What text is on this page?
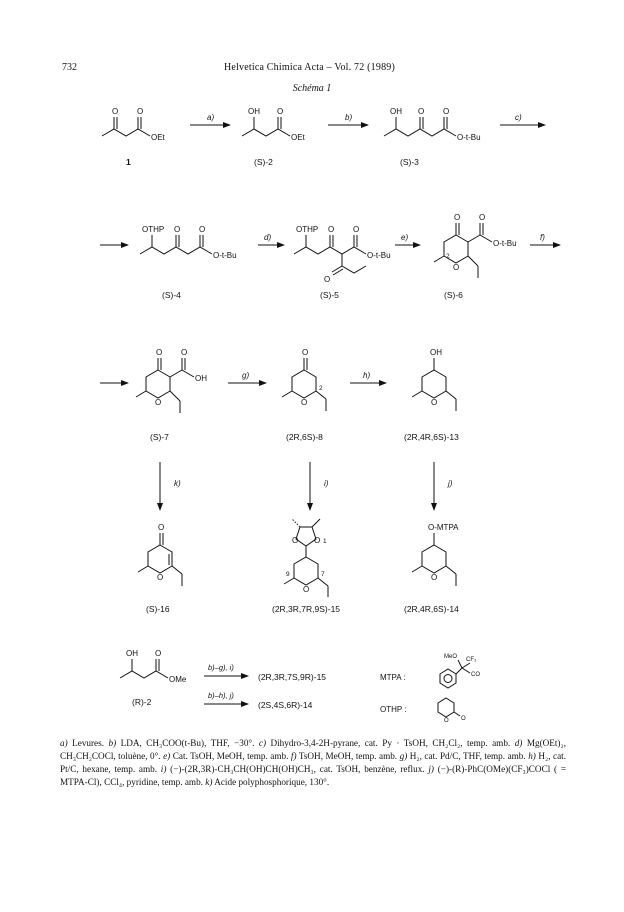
732	Helvetica Chimica Acta – Vol. 72 (1989)
Schéma 1
O O
OEt
1
a)
OH O
OEt
(S)-2
b)
OH O O
O-t-Bu
(S)-3
c)
OTHP O O
O-t-Bu
(S)-4
d)
OTHP O O
O-t-Bu
O
(S)-5
e)
O O
O-t-Bu
O
2
(S)-6
f)
O O
OH
O
(S)-7
g)
O
O
2
(2R,6S)-8
h)
OH
O
(2R,4R,6S)-13
k)	i)	j)
O
O
(S)-16
O O 1
O
7
9
(2R,3R,7R,9S)-15
O-MTPA
O
(2R,4R,6S)-14
OH O
OMe
(R)-2
b)–g), i)
(2R,3R,7S,9R)-15
b)–h), j)
(2S,4S,6R)-14
MTPA :
MeO CF₃
CO
OTHP :
O O
a) Levures. b) LDA, CH₃COO(t-Bu), THF, −30°. c) Dihydro-3,4-2H-pyrane, cat. Py · TsOH, CH₂Cl₂, temp. amb. d) Mg(OEt)₂, CH₃CH₂COCl, toluène, 0°. e) Cat. TsOH, MeOH, temp. amb. f) TsOH, MeOH, temp. amb. g) H₂, cat. Pd/C, THF, temp. amb. h) H₂, cat. Pt/C, hexane, temp. amb. i) (−)-(2R,3R)-CH₃CH(OH)CH(OH)CH₃, cat. TsOH, benzène, reflux. j) (−)-(R)-PhC(OMe)(CF₃)COCl ( = MTPA-Cl), CCl₄, pyridine, temp. amb. k) Acide polyphosphorique, 130°.
